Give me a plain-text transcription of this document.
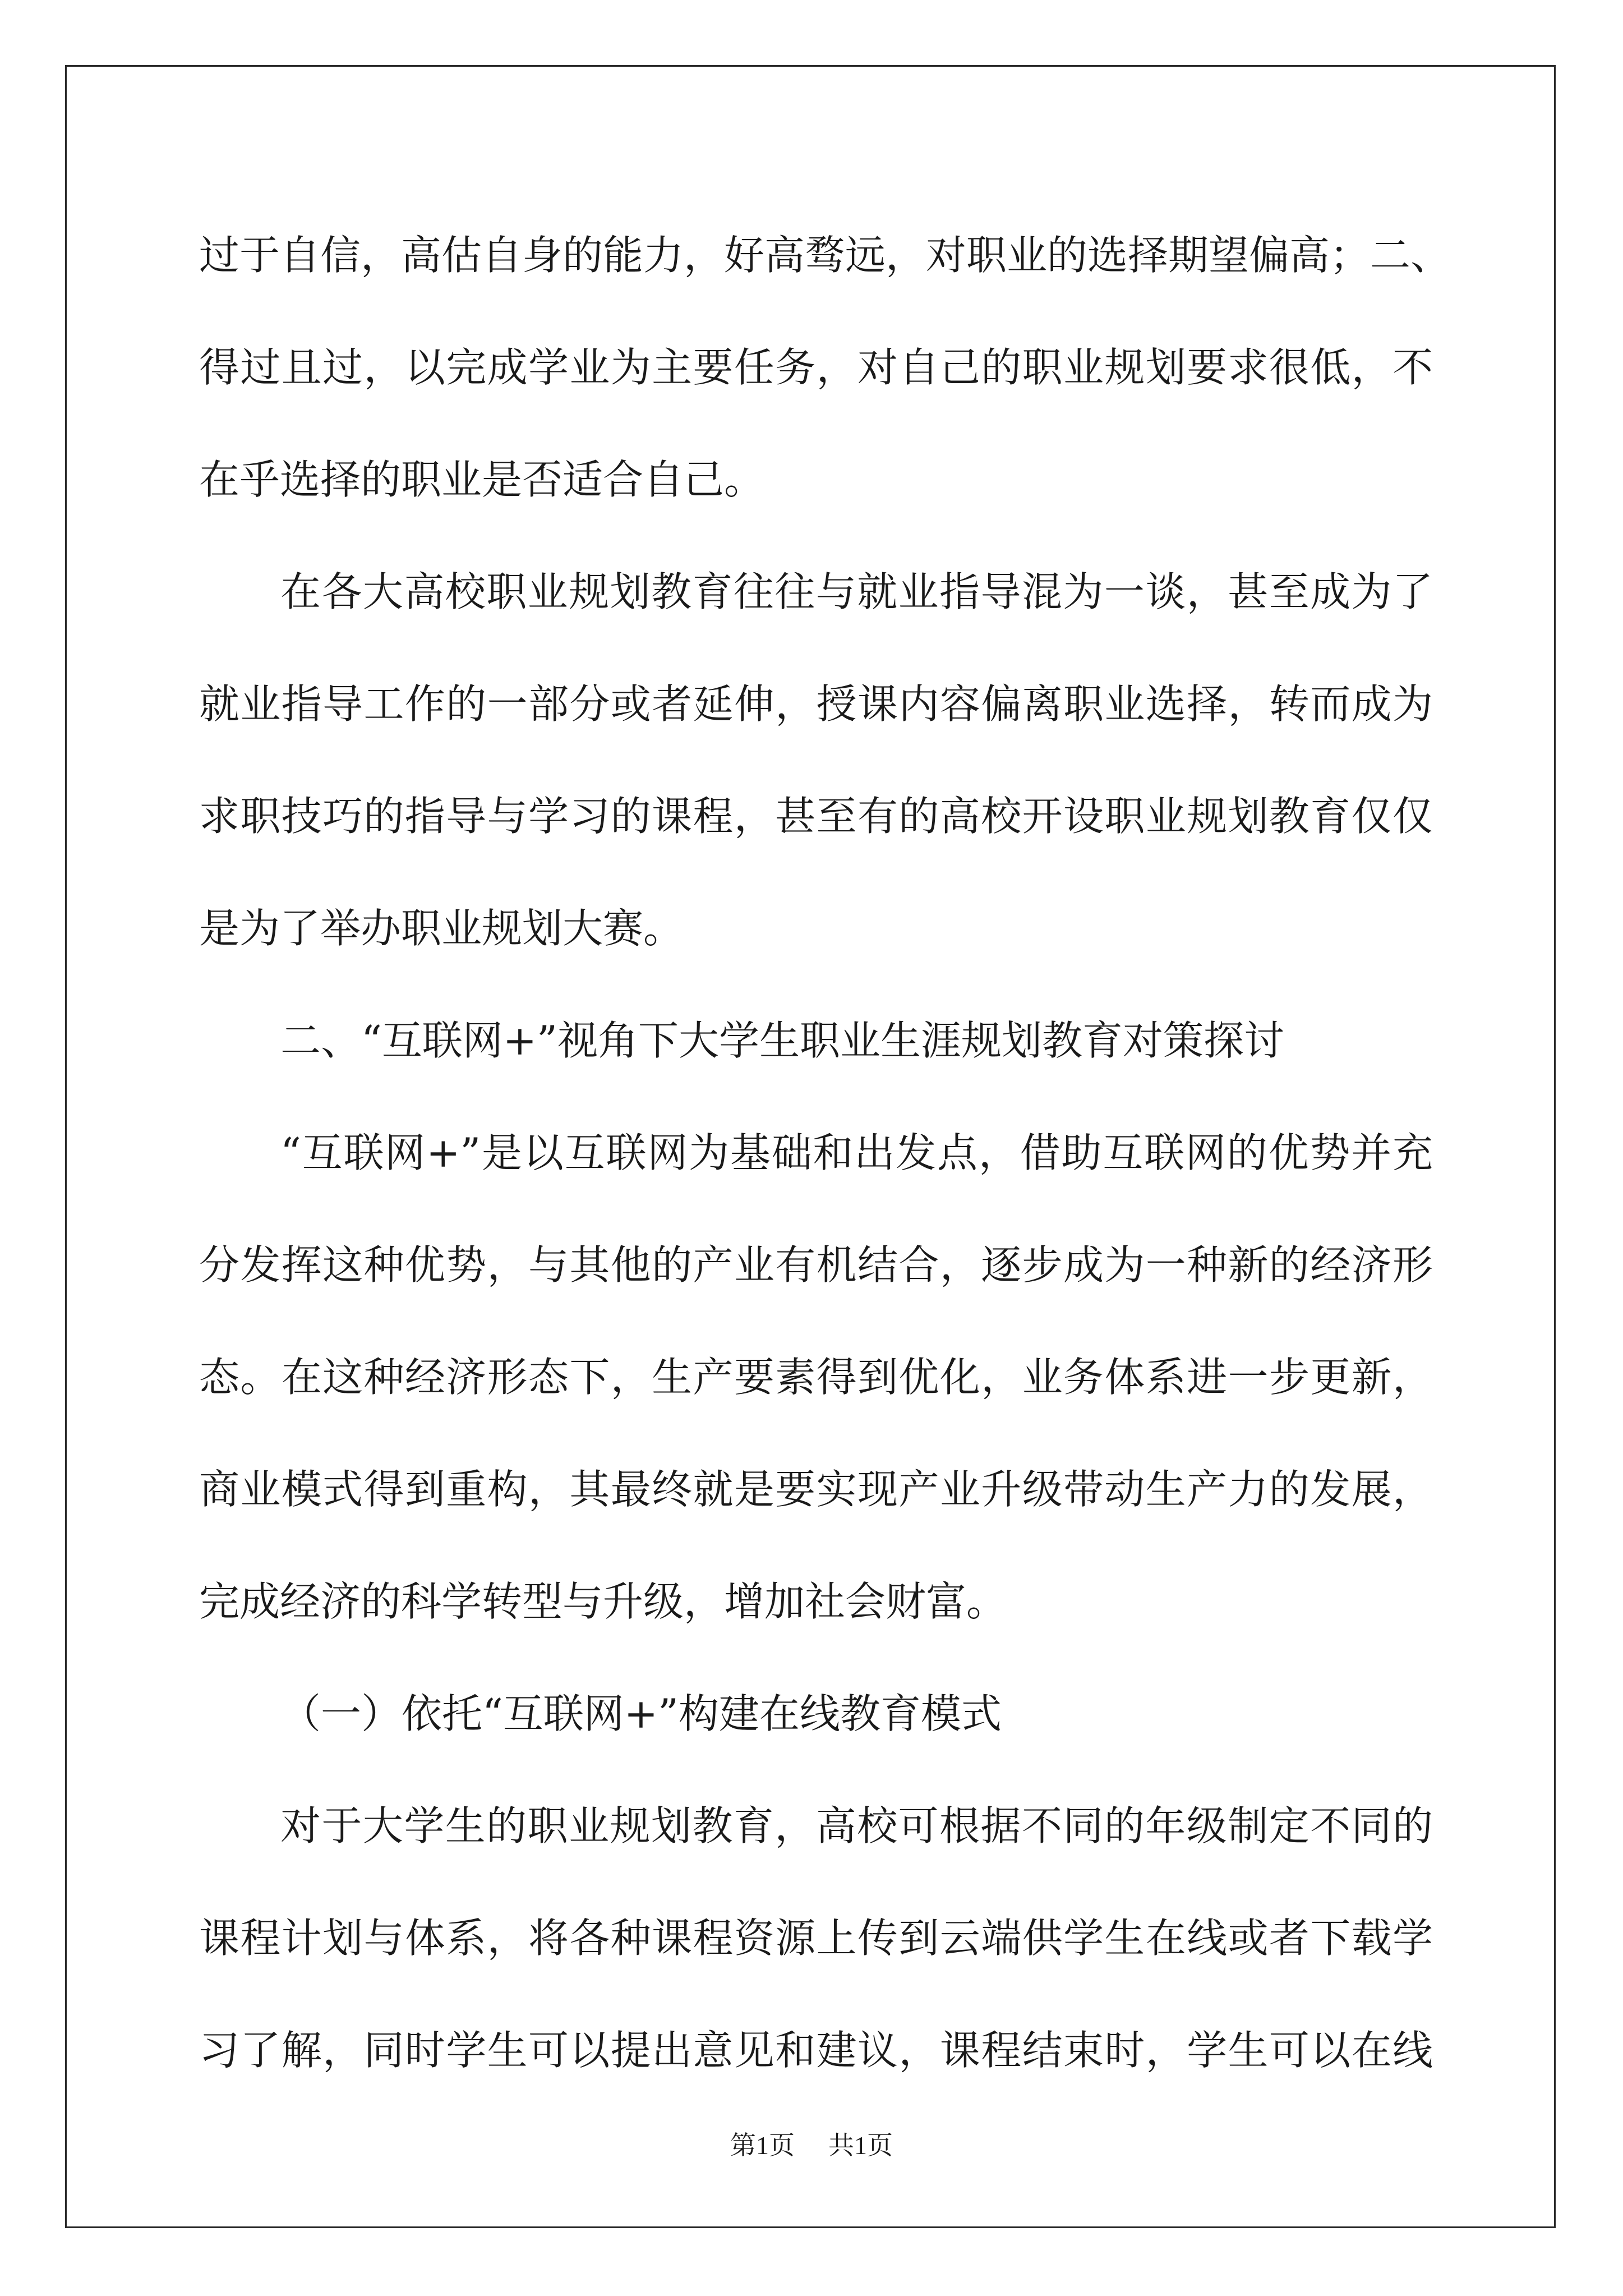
过于自信，高估自身的能力，好高骛远，对职业的选择期望偏高；二、
得过且过，以完成学业为主要任务，对自己的职业规划要求很低，不
在乎选择的职业是否适合自己。
在各大高校职业规划教育往往与就业指导混为一谈，甚至成为了
就业指导工作的一部分或者延伸，授课内容偏离职业选择，转而成为
求职技巧的指导与学习的课程，甚至有的高校开设职业规划教育仅仅
是为了举办职业规划大赛。
二、“互联网+”视角下大学生职业生涯规划教育对策探讨
“互联网+”是以互联网为基础和出发点，借助互联网的优势并充
分发挥这种优势，与其他的产业有机结合，逐步成为一种新的经济形
态。在这种经济形态下，生产要素得到优化，业务体系进一步更新，
商业模式得到重构，其最终就是要实现产业升级带动生产力的发展，
完成经济的科学转型与升级，增加社会财富。
（一）依托“互联网+”构建在线教育模式
对于大学生的职业规划教育，高校可根据不同的年级制定不同的
课程计划与体系，将各种课程资源上传到云端供学生在线或者下载学
习了解，同时学生可以提出意见和建议，课程结束时，学生可以在线
第1页 共1页
